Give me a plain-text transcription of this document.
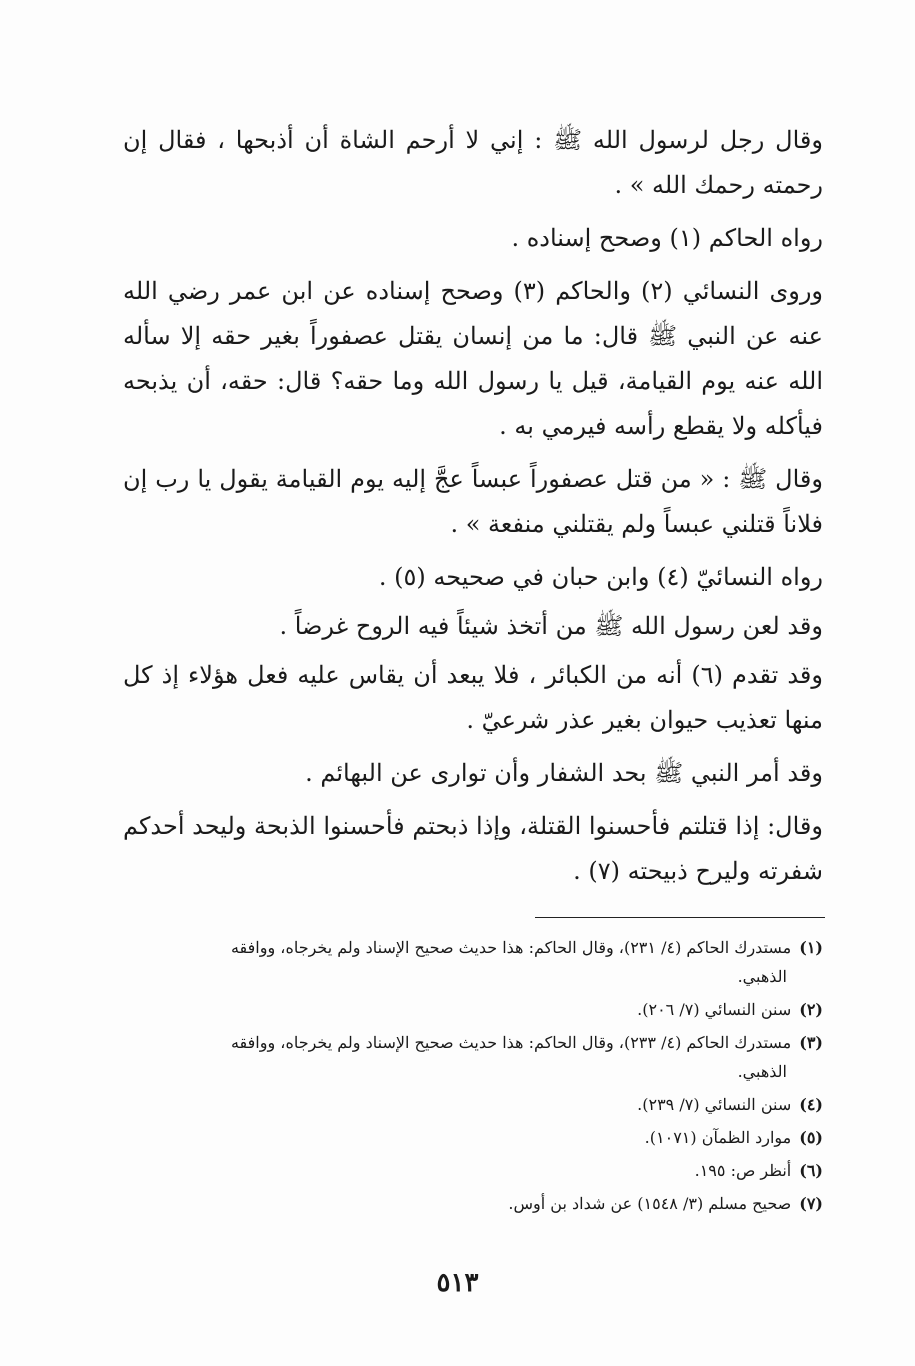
وقال رجل لرسول الله ﷺ : إني لا أرحم الشاة أن أذبحها ، فقال إن رحمته رحمك الله » .

رواه الحاكم (١) وصحح إسناده .

وروى النسائي (٢) والحاكم (٣) وصحح إسناده عن ابن عمر رضي الله عنه عن النبي ﷺ قال: ما من إنسان يقتل عصفوراً بغير حقه إلا سأله الله عنه يوم القيامة، قيل يا رسول الله وما حقه؟ قال: حقه، أن يذبحه فيأكله ولا يقطع رأسه فيرمي به .

وقال ﷺ : « من قتل عصفوراً عبساً عجَّ إليه يوم القيامة يقول يا رب إن فلاناً قتلني عبساً ولم يقتلني منفعة » .

رواه النسائيّ (٤) وابن حبان في صحيحه (٥) .

وقد لعن رسول الله ﷺ من أتخذ شيئاً فيه الروح غرضاً .

وقد تقدم (٦) أنه من الكبائر ، فلا يبعد أن يقاس عليه فعل هؤلاء إذ كل منها تعذيب حيوان بغير عذر شرعيّ .

وقد أمر النبي ﷺ بحد الشفار وأن توارى عن البهائم .

وقال: إذا قتلتم فأحسنوا القتلة، وإذا ذبحتم فأحسنوا الذبحة وليحد أحدكم شفرته وليرح ذبيحته (٧) .

(١)مستدرك الحاكم (٤/ ٢٣١)، وقال الحاكم: هذا حديث صحيح الإسناد ولم يخرجاه، ووافقه
الذهبي.
(٢)سنن النسائي (٧/ ٢٠٦).
(٣)مستدرك الحاكم (٤/ ٢٣٣)، وقال الحاكم: هذا حديث صحيح الإسناد ولم يخرجاه، ووافقه
الذهبي.
(٤)سنن النسائي (٧/ ٢٣٩).
(٥)موارد الظمآن (١٠٧١).
(٦)أنظر ص: ١٩٥.
(٧)صحيح مسلم (٣/ ١٥٤٨) عن شداد بن أوس.
٥١٣
